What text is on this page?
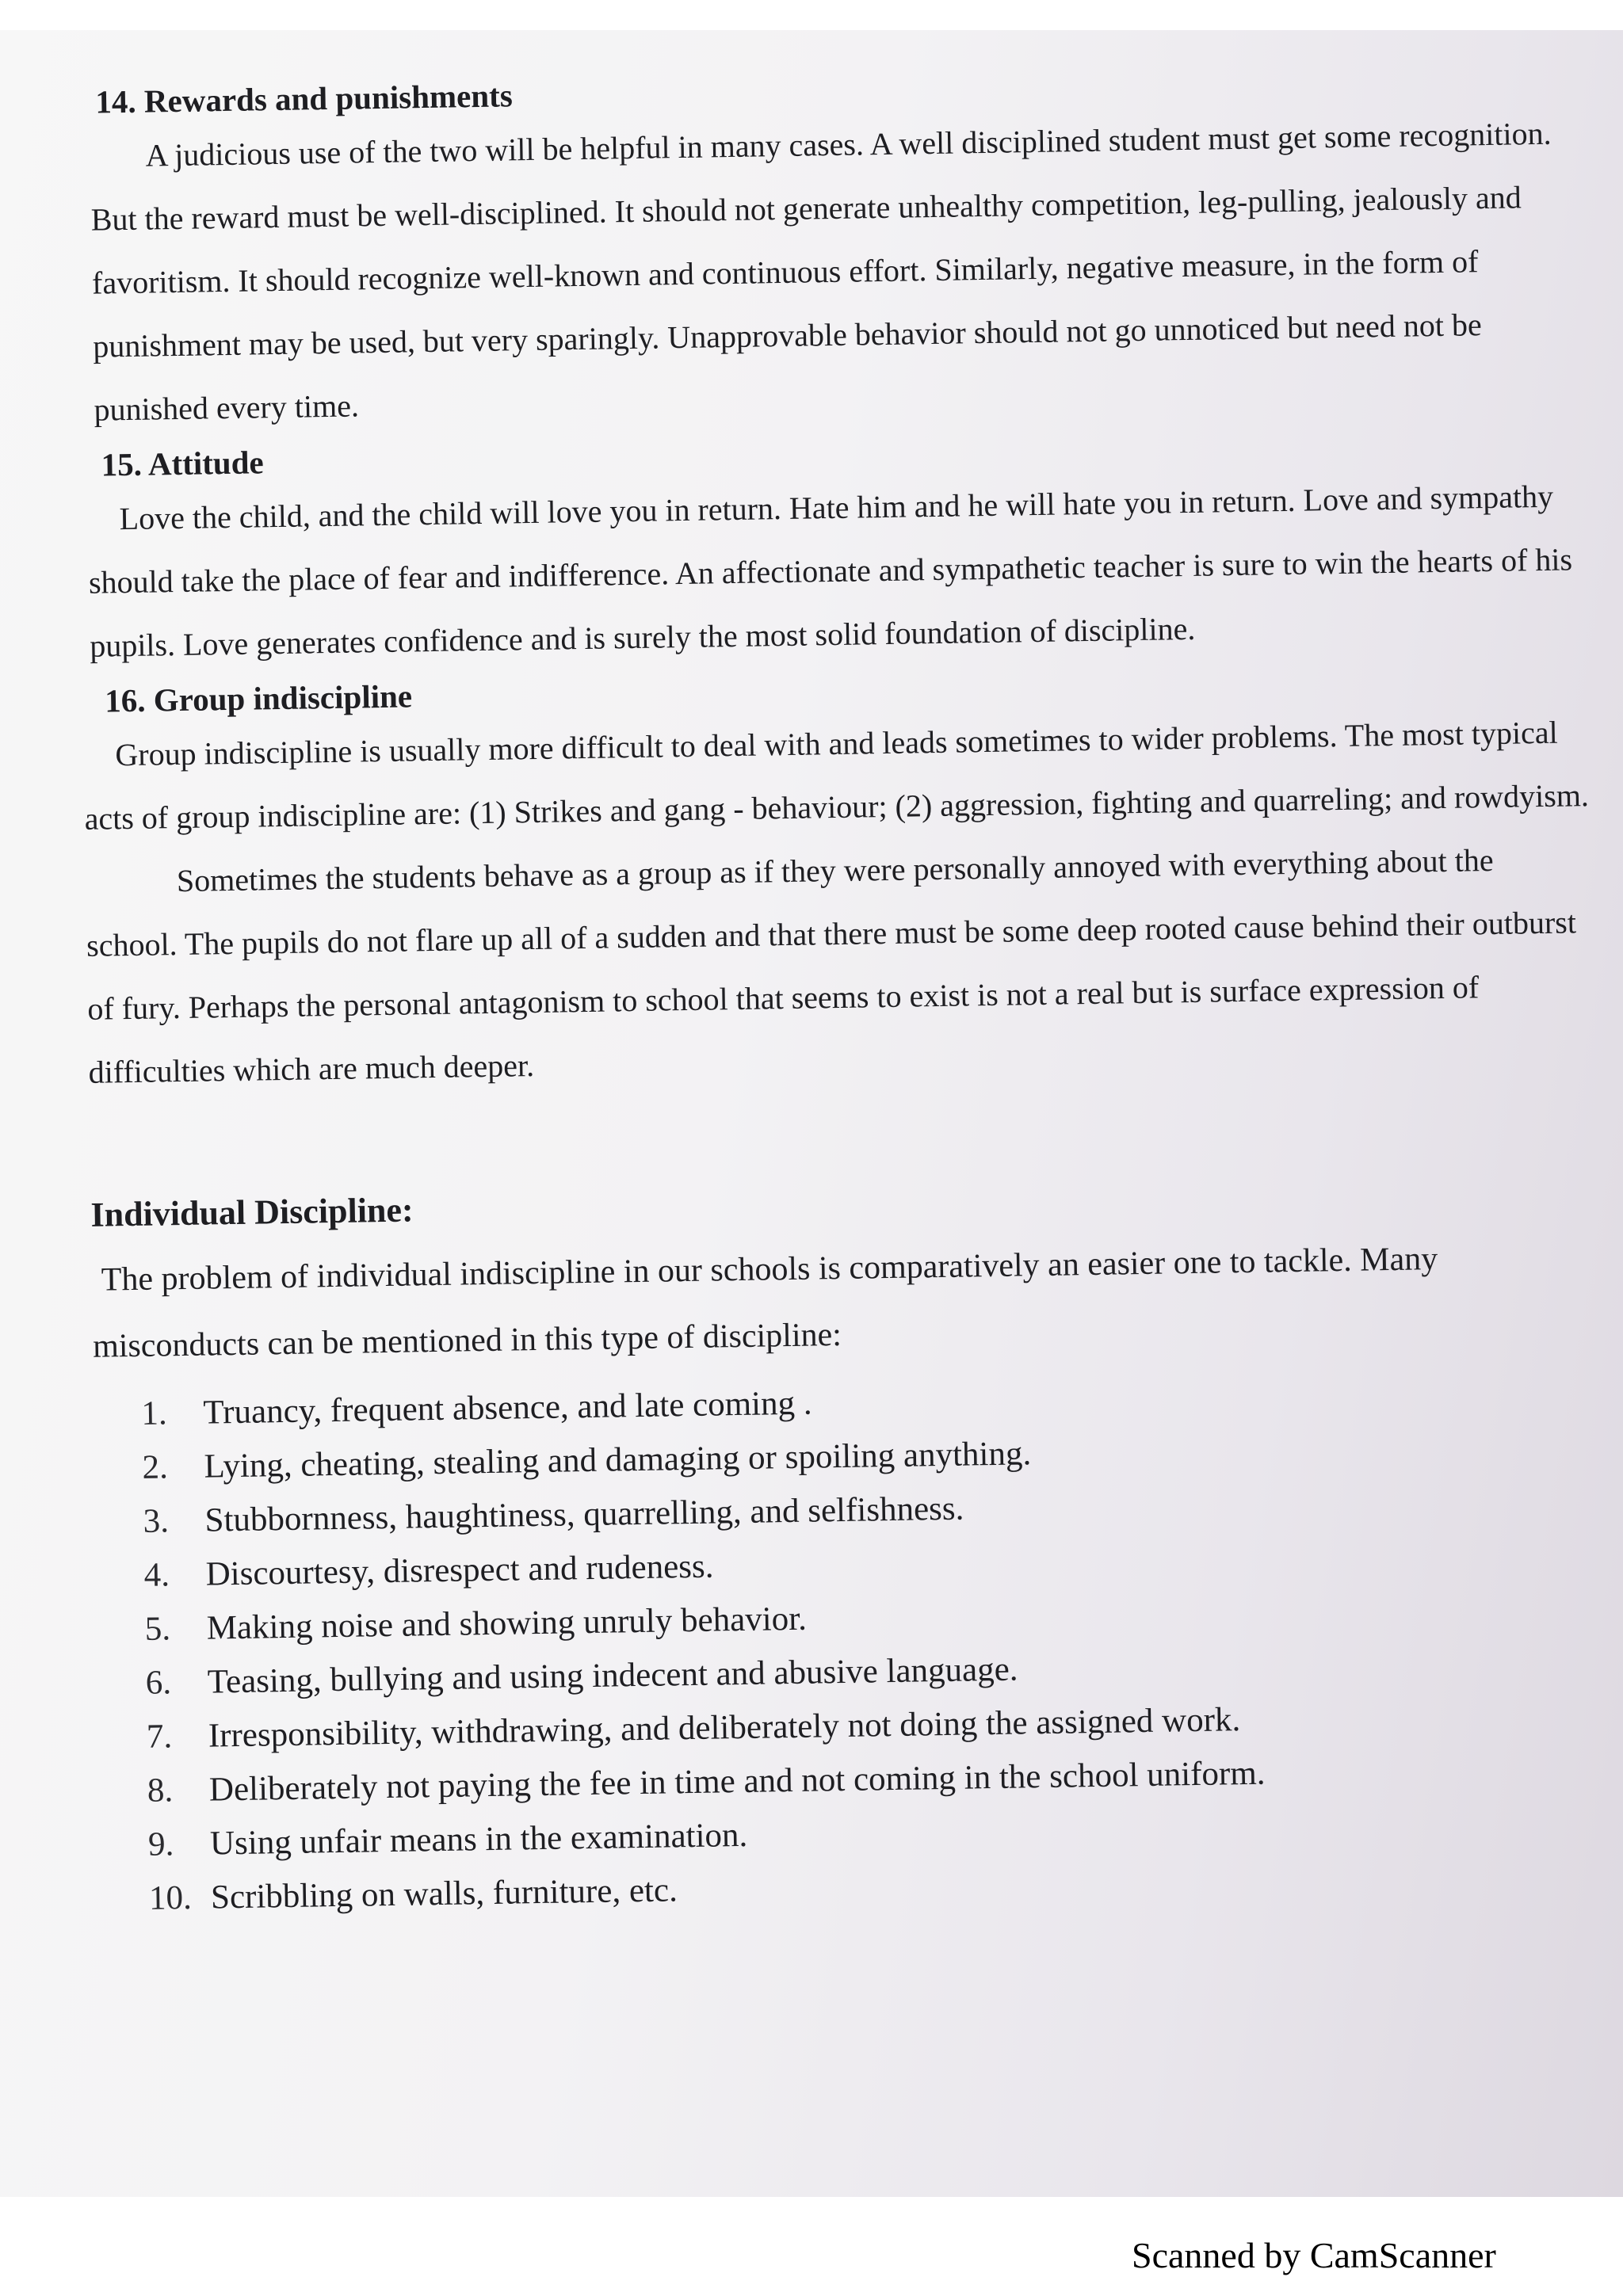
14. Rewards and punishments

A judicious use of the two will be helpful in many cases. A well disciplined student must get some recognition. But the reward must be well-disciplined. It should not generate unhealthy competition, leg-pulling, jealously and favoritism. It should recognize well-known and continuous effort. Similarly, negative measure, in the form of punishment may be used, but very sparingly. Unapprovable behavior should not go unnoticed but need not be punished every time.

15. Attitude

Love the child, and the child will love you in return. Hate him and he will hate you in return. Love and sympathy should take the place of fear and indifference. An affectionate and sympathetic teacher is sure to win the hearts of his pupils. Love generates confidence and is surely the most solid foundation of discipline.

16. Group indiscipline

Group indiscipline is usually more difficult to deal with and leads sometimes to wider problems. The most typical acts of group indiscipline are: (1) Strikes and gang - behaviour; (2) aggression, fighting and quarreling; and rowdyism.

Sometimes the students behave as a group as if they were personally annoyed with everything about the school. The pupils do not flare up all of a sudden and that there must be some deep rooted cause behind their outburst of fury. Perhaps the personal antagonism to school that seems to exist is not a real but is surface expression of difficulties which are much deeper.

Individual Discipline:

The problem of individual indiscipline in our schools is comparatively an easier one to tackle. Many misconducts can be mentioned in this type of discipline:

1.	Truancy, frequent absence, and late coming .
2.	Lying, cheating, stealing and damaging or spoiling anything.
3.	Stubbornness, haughtiness, quarrelling, and selfishness.
4.	Discourtesy, disrespect and rudeness.
5.	Making noise and showing unruly behavior.
6.	Teasing, bullying and using indecent and abusive language.
7.	Irresponsibility, withdrawing, and deliberately not doing the assigned work.
8.	Deliberately not paying the fee in time and not coming in the school uniform.
9.	Using unfair means in the examination.
10. Scribbling on walls, furniture, etc.
Scanned by CamScanner
